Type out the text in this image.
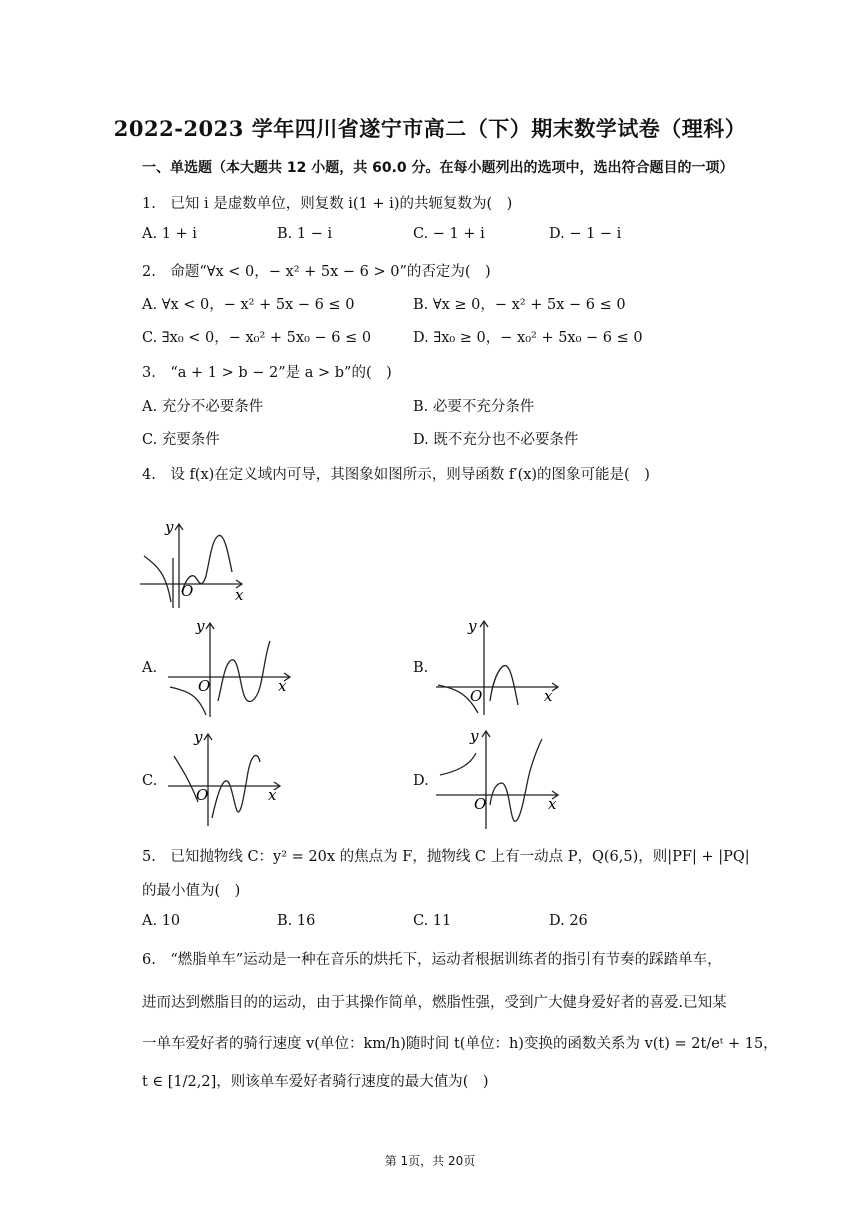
2022-2023 学年四川省遂宁市高二（下）期末数学试卷（理科）
一、单选题（本大题共 12 小题，共 60.0 分。在每小题列出的选项中，选出符合题目的一项）
1.　已知 i 是虚数单位，则复数 i(1 + i)的共轭复数为(　)
A. 1 + i	B. 1 − i	C. − 1 + i	D. − 1 − i
2.　命题“∀x < 0，− x² + 5x − 6 > 0”的否定为(　)
A. ∀x < 0，− x² + 5x − 6 ≤ 0	B. ∀x ≥ 0，− x² + 5x − 6 ≤ 0
C. ∃x₀ < 0，− x₀² + 5x₀ − 6 ≤ 0	D. ∃x₀ ≥ 0，− x₀² + 5x₀ − 6 ≤ 0
3.　“a + 1 > b − 2”是 a > b”的(　)
A. 充分不必要条件	B. 必要不充分条件
C. 充要条件	D. 既不充分也不必要条件
4.　设 f(x)在定义域内可导，其图象如图所示，则导函数 f′(x)的图象可能是(　)
y
O	x
A.
y
O	x
B.
y
O	x
C.
y
O	x
D.
y
O	x
5.　已知抛物线 C：y² = 20x 的焦点为 F，抛物线 C 上有一动点 P，Q(6,5)，则|PF| + |PQ|
的最小值为(　)
A. 10	B. 16	C. 11	D. 26
6.　“燃脂单车”运动是一种在音乐的烘托下，运动者根据训练者的指引有节奏的踩踏单车，
进而达到燃脂目的的运动，由于其操作简单，燃脂性强，受到广大健身爱好者的喜爱.已知某
一单车爱好者的骑行速度 v(单位：km/h)随时间 t(单位：h)变换的函数关系为 v(t) = 2t/eᵗ + 15，
t ∈ [1/2,2]，则该单车爱好者骑行速度的最大值为(　)
第 1页，共 20页
